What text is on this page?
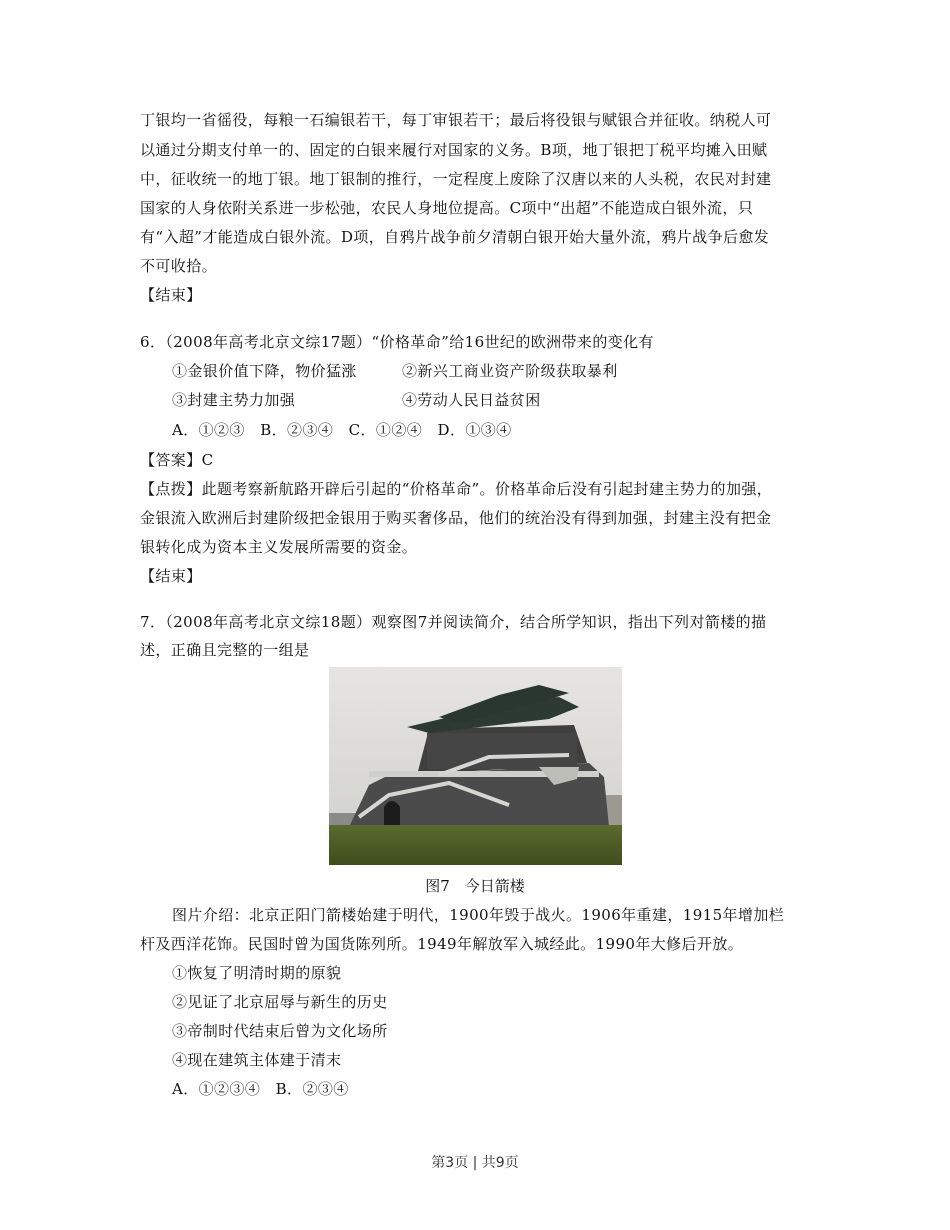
丁银均一省徭役，每粮一石编银若干，每丁审银若干；最后将役银与赋银合并征收。纳税人可
以通过分期支付单一的、固定的白银来履行对国家的义务。B项，地丁银把丁税平均摊入田赋
中，征收统一的地丁银。地丁银制的推行，一定程度上废除了汉唐以来的人头税，农民对封建
国家的人身依附关系进一步松弛，农民人身地位提高。C项中“出超”不能造成白银外流，只
有“入超”才能造成白银外流。D项，自鸦片战争前夕清朝白银开始大量外流，鸦片战争后愈发
不可收拾。
【结束】
6．（2008年高考北京文综17题）“价格革命”给16世纪的欧洲带来的变化有
①金银价值下降，物价猛涨	②新兴工商业资产阶级获取暴利
③封建主势力加强	④劳动人民日益贫困
A．①②③　B．②③④　C．①②④　D．①③④
【答案】C
【点拨】此题考察新航路开辟后引起的“价格革命”。价格革命后没有引起封建主势力的加强，
金银流入欧洲后封建阶级把金银用于购买奢侈品，他们的统治没有得到加强，封建主没有把金
银转化成为资本主义发展所需要的资金。
【结束】
7．（2008年高考北京文综18题）观察图7并阅读简介，结合所学知识，指出下列对箭楼的描
述，正确且完整的一组是
图7　今日箭楼
图片介绍：北京正阳门箭楼始建于明代，1900年毁于战火。1906年重建，1915年增加栏
杆及西洋花饰。民国时曾为国货陈列所。1949年解放军入城经此。1990年大修后开放。
①恢复了明清时期的原貌
②见证了北京屈辱与新生的历史
③帝制时代结束后曾为文化场所
④现在建筑主体建于清末
A．①②③④　B．②③④
第3页 | 共9页
